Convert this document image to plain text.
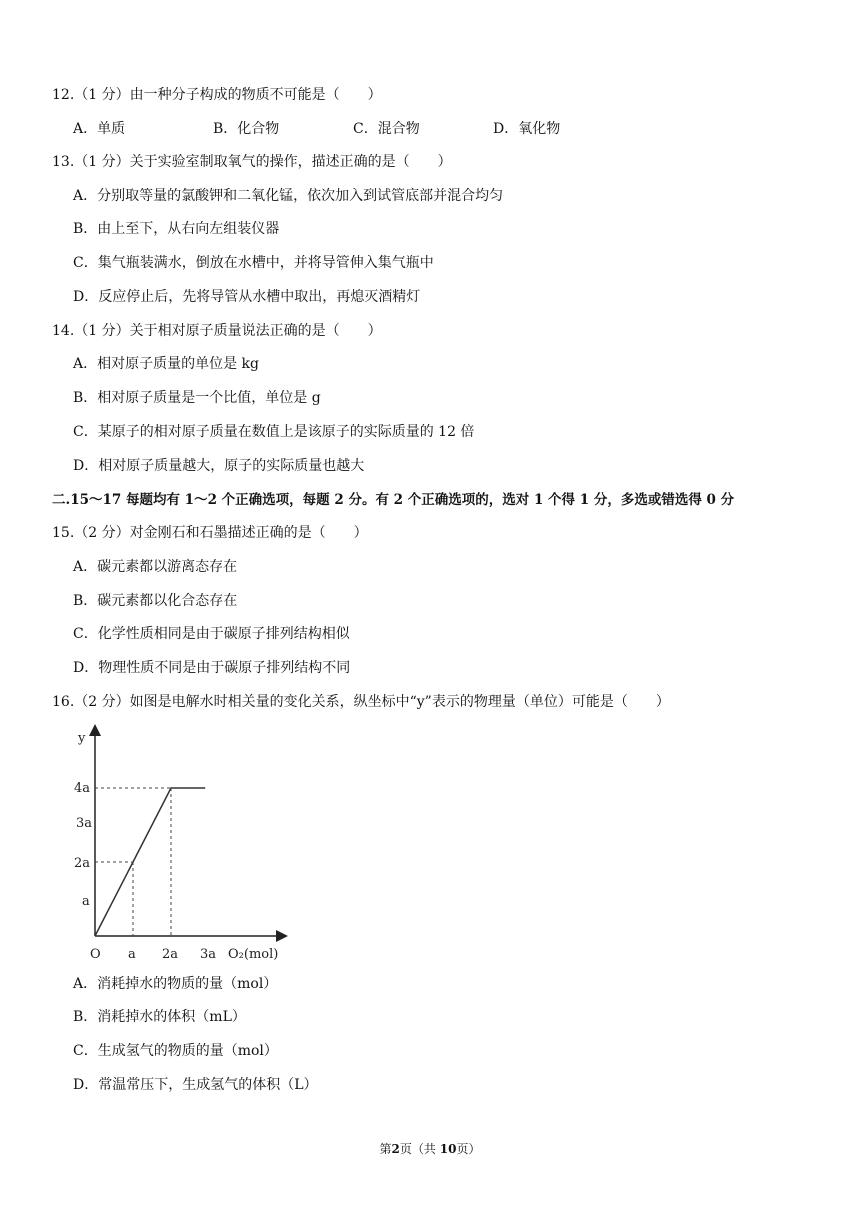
12.（1 分）由一种分子构成的物质不可能是（　　）
A．单质	B．化合物	C．混合物	D．氧化物
13.（1 分）关于实验室制取氧气的操作，描述正确的是（　　）
A．分别取等量的氯酸钾和二氧化锰，依次加入到试管底部并混合均匀
B．由上至下，从右向左组装仪器
C．集气瓶装满水，倒放在水槽中，并将导管伸入集气瓶中
D．反应停止后，先将导管从水槽中取出，再熄灭酒精灯
14.（1 分）关于相对原子质量说法正确的是（　　）
A．相对原子质量的单位是 kg
B．相对原子质量是一个比值，单位是 g
C．某原子的相对原子质量在数值上是该原子的实际质量的 12 倍
D．相对原子质量越大，原子的实际质量也越大
二.15～17 每题均有 1～2 个正确选项，每题 2 分。有 2 个正确选项的，选对 1 个得 1 分，多选或错选得 0 分
15.（2 分）对金刚石和石墨描述正确的是（　　）
A．碳元素都以游离态存在
B．碳元素都以化合态存在
C．化学性质相同是由于碳原子排列结构相似
D．物理性质不同是由于碳原子排列结构不同
16.（2 分）如图是电解水时相关量的变化关系，纵坐标中“y”表示的物理量（单位）可能是（　　）
y
O	O₂(mol)
4a
3a
2a
a
a 2a 3a
A．消耗掉水的物质的量（mol）
B．消耗掉水的体积（mL）
C．生成氢气的物质的量（mol）
D．常温常压下，生成氢气的体积（L）
第2页（共 10页）
